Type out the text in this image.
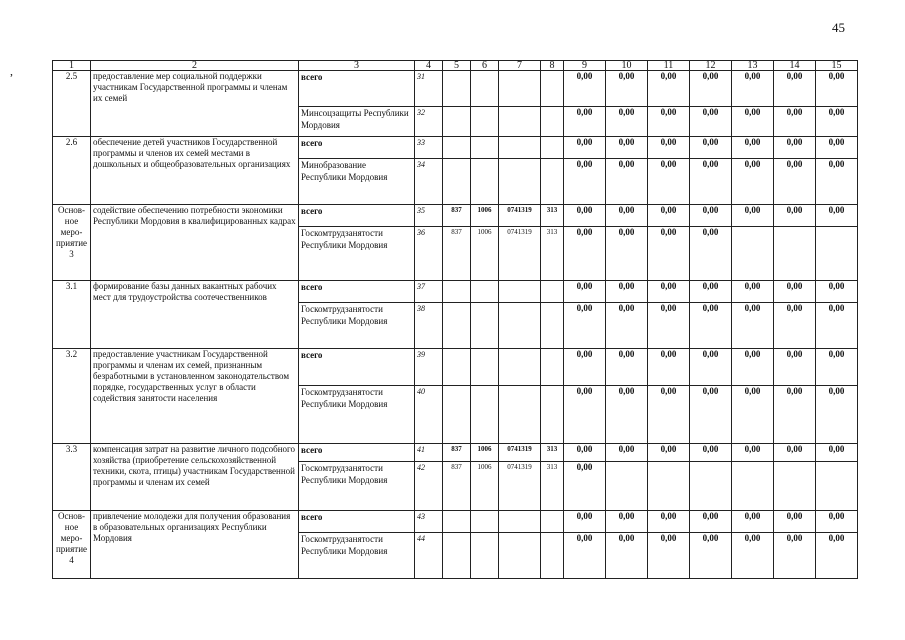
45
,	1	2	3	4	5	6	7	8	9	10	11	12	13	14	15
2.5	предоставление мер социальной поддержки участникам Государственной программы и членам их семей	всего	31					0,00	0,00	0,00	0,00	0,00	0,00	0,00
		Минсоцзащиты Республики Мордовия	32					0,00	0,00	0,00	0,00	0,00	0,00	0,00
2.6	обеспечение детей участников Государственной программы и членов их семей местами в дошкольных и общеобразовательных организациях	всего	33					0,00	0,00	0,00	0,00	0,00	0,00	0,00
		Минобразование Республики Мордовия	34					0,00	0,00	0,00	0,00	0,00	0,00	0,00
Основ-ное меро-приятие 3	содействие обеспечению потребности экономики Республики Мордовия в квалифицированных кадрах	всего	35	837	1006	0741319	313	0,00	0,00	0,00	0,00	0,00	0,00	0,00
		Госкомтрудзанятости Республики Мордовия	36	837	1006	0741319	313	0,00	0,00	0,00	0,00			
3.1	формирование базы данных вакантных рабочих мест для трудоустройства соотечественников	всего	37					0,00	0,00	0,00	0,00	0,00	0,00	0,00
		Госкомтрудзанятости Республики Мордовия	38					0,00	0,00	0,00	0,00	0,00	0,00	0,00
3.2	предоставление участникам Государственной программы и членам их семей, признанным безработными в установленном законодательством порядке, государственных услуг в области содействия занятости населения	всего	39					0,00	0,00	0,00	0,00	0,00	0,00	0,00
		Госкомтрудзанятости Республики Мордовия	40					0,00	0,00	0,00	0,00	0,00	0,00	0,00
3.3	компенсация затрат на развитие личного подсобного хозяйства (приобретение сельскохозяйственной техники, скота, птицы) участникам Государственной программы и членам их семей	всего	41	837	1006	0741319	313	0,00	0,00	0,00	0,00	0,00	0,00	0,00
		Госкомтрудзанятости Республики Мордовия	42	837	1006	0741319	313	0,00						
Основ-ное меро-приятие 4	привлечение молодежи для получения образования в образовательных организациях Республики Мордовия	всего	43					0,00	0,00	0,00	0,00	0,00	0,00	0,00
		Госкомтрудзанятости Республики Мордовия	44					0,00	0,00	0,00	0,00	0,00	0,00	0,00
